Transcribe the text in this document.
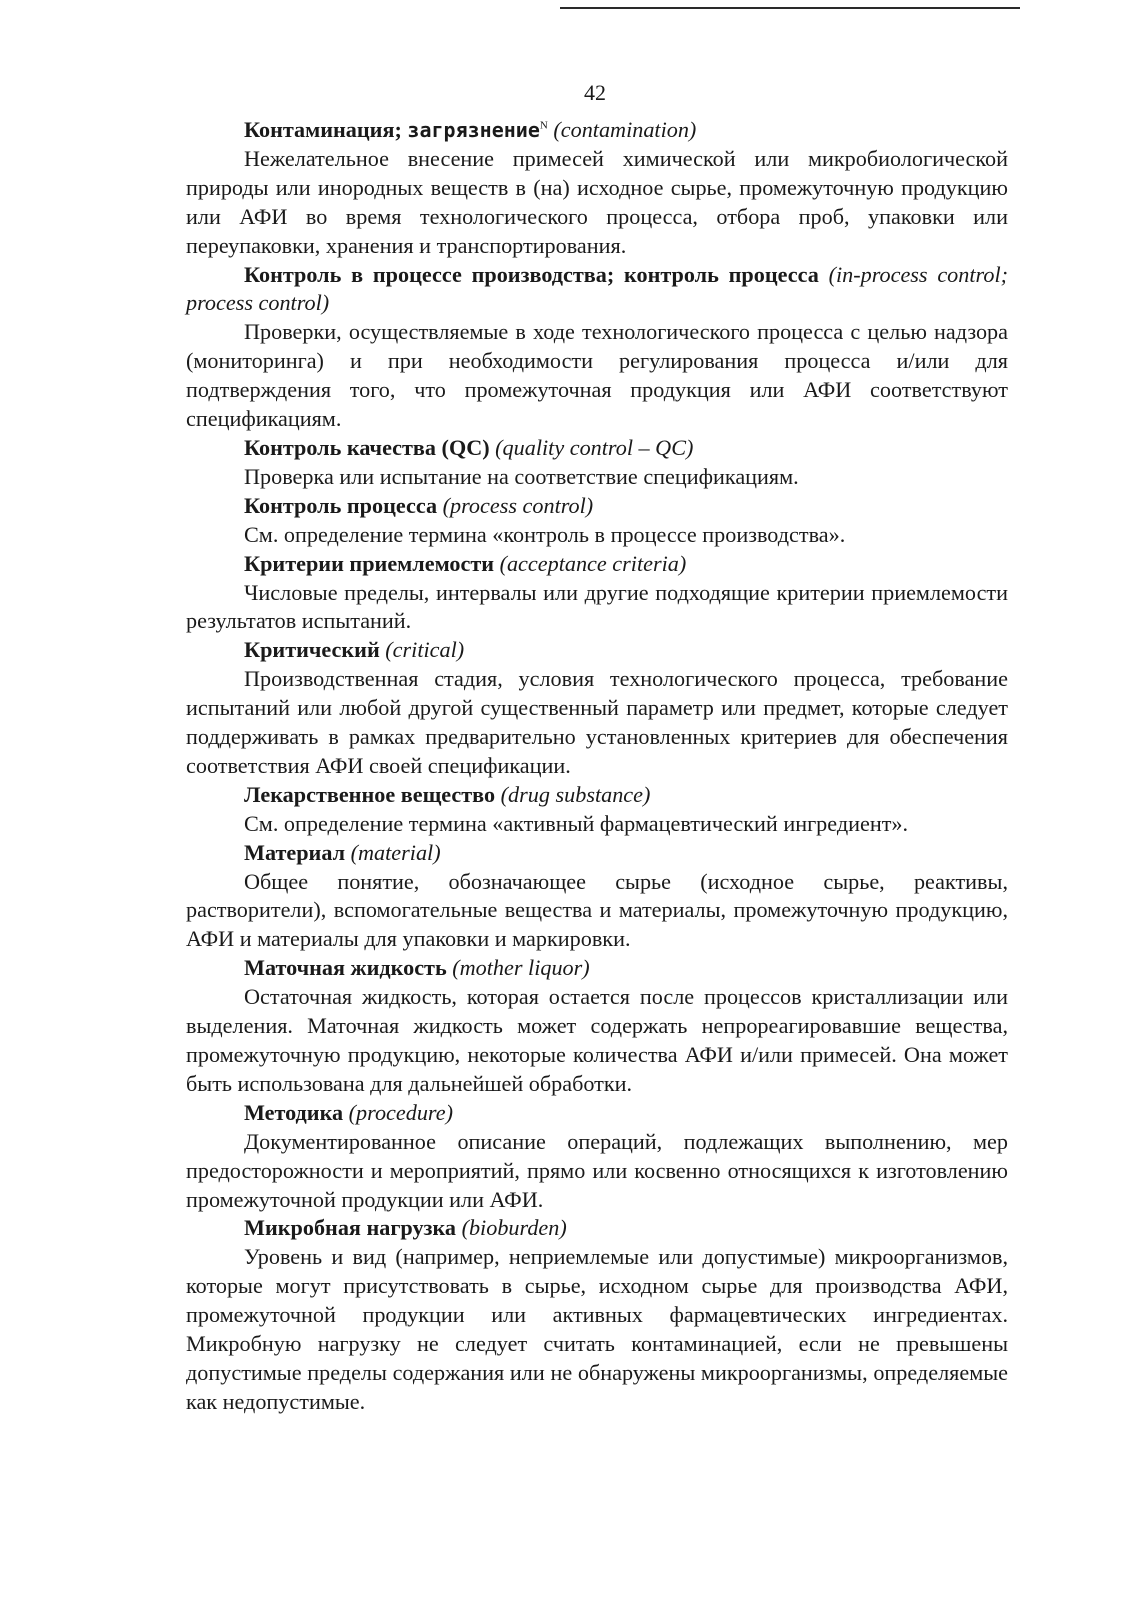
42

Контаминация; загрязнение$^N$ (contamination)

Нежелательное внесение примесей химической или микробиологической природы или инородных веществ в (на) исходное сырье, промежуточную продукцию или АФИ во время технологического процесса, отбора проб, упаковки или переупаковки, хранения и транспортирования.

Контроль в процессе производства; контроль процесса (in-process control; process control)

Проверки, осуществляемые в ходе технологического процесса с целью надзора (мониторинга) и при необходимости регулирования процесса и/или для подтверждения того, что промежуточная продукция или АФИ соответствуют спецификациям.

Контроль качества (QC) (quality control – QC)

Проверка или испытание на соответствие спецификациям.

Контроль процесса (process control)

См. определение термина «контроль в процессе производства».

Критерии приемлемости (acceptance criteria)

Числовые пределы, интервалы или другие подходящие критерии приемлемости результатов испытаний.

Критический (critical)

Производственная стадия, условия технологического процесса, требование испытаний или любой другой существенный параметр или предмет, которые следует поддерживать в рамках предварительно установленных критериев для обеспечения соответствия АФИ своей спецификации.

Лекарственное вещество (drug substance)

См. определение термина «активный фармацевтический ингредиент».

Материал (material)

Общее понятие, обозначающее сырье (исходное сырье, реактивы, растворители), вспомогательные вещества и материалы, промежуточную продукцию, АФИ и материалы для упаковки и маркировки.

Маточная жидкость (mother liquor)

Остаточная жидкость, которая остается после процессов кристаллизации или выделения. Маточная жидкость может содержать непрореагировавшие вещества, промежуточную продукцию, некоторые количества АФИ и/или примесей. Она может быть использована для дальнейшей обработки.

Методика (procedure)

Документированное описание операций, подлежащих выполнению, мер предосторожности и мероприятий, прямо или косвенно относящихся к изготовлению промежуточной продукции или АФИ.

Микробная нагрузка (bioburden)

Уровень и вид (например, неприемлемые или допустимые) микроорганизмов, которые могут присутствовать в сырье, исходном сырье для производства АФИ, промежуточной продукции или активных фармацевтических ингредиентах. Микробную нагрузку не следует считать контаминацией, если не превышены допустимые пределы содержания или не обнаружены микроорганизмы, определяемые как недопустимые.
